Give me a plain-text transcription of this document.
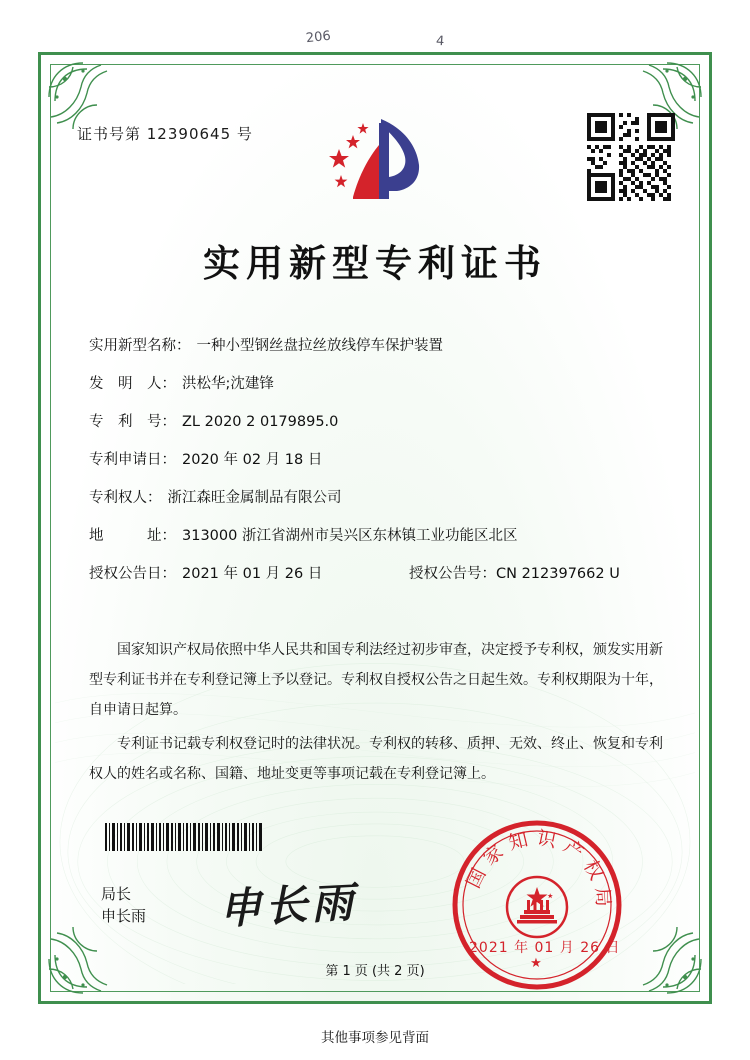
206	4
证书号第 12390645 号
实用新型专利证书
实用新型名称： 一种小型钢丝盘拉丝放线停车保护装置
发　明　人： 洪松华;沈建锋
专　利　号： ZL 2020 2 0179895.0
专利申请日： 2020 年 02 月 18 日
专利权人： 浙江森旺金属制品有限公司
地　　　址： 313000 浙江省湖州市吴兴区东林镇工业功能区北区
授权公告日： 2021 年 01 月 26 日	授权公告号：CN 212397662 U

国家知识产权局依照中华人民共和国专利法经过初步审查，决定授予专利权，颁发实用新型专利证书并在专利登记簿上予以登记。专利权自授权公告之日起生效。专利权期限为十年，自申请日起算。

专利证书记载专利权登记时的法律状况。专利权的转移、质押、无效、终止、恢复和专利权人的姓名或名称、国籍、地址变更等事项记载在专利登记簿上。

局长
申长雨 申长雨
国家知识产权局
★
2021 年 01 月 26 日
第 1 页 (共 2 页)
其他事项参见背面
